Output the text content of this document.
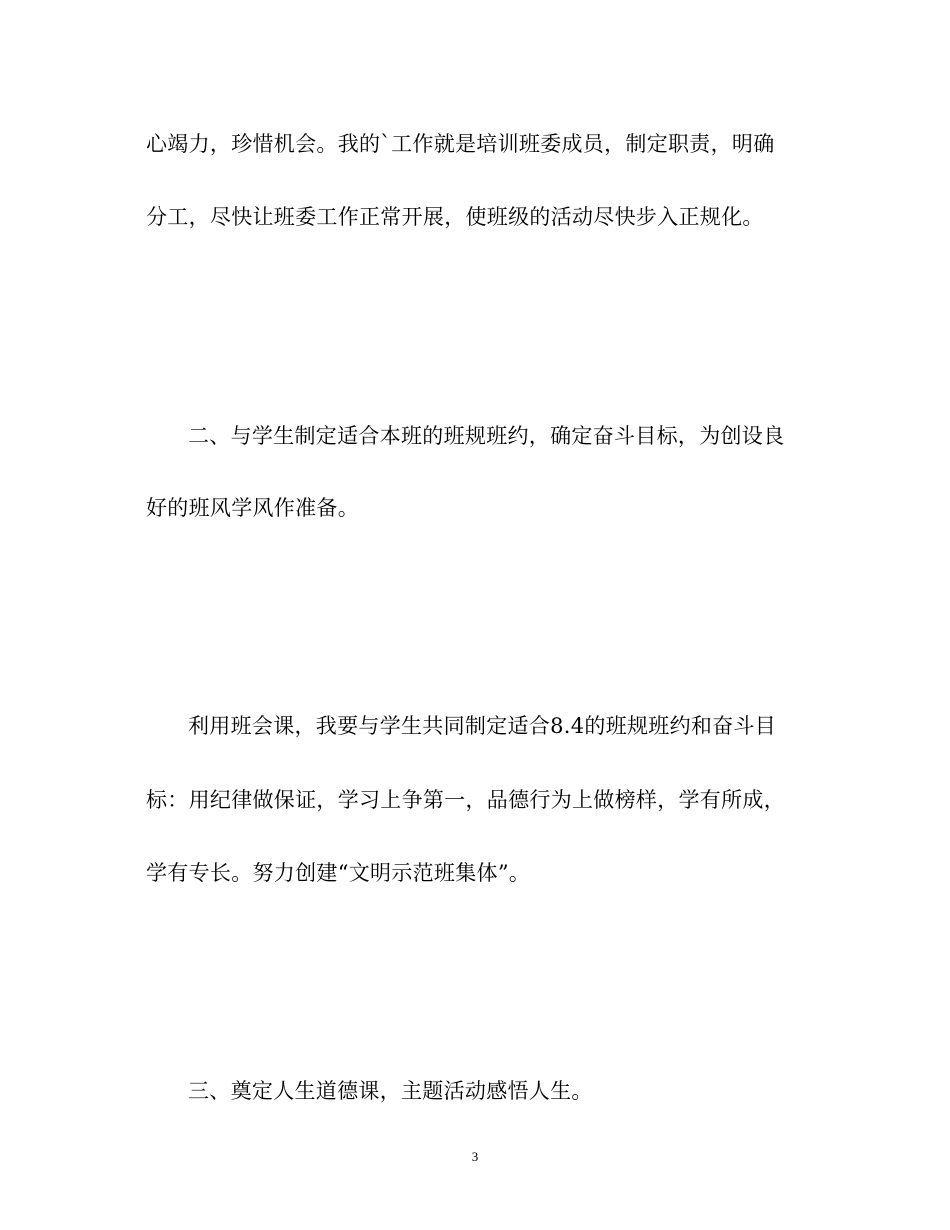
心竭力，珍惜机会。我的`工作就是培训班委成员，制定职责，明确
分工，尽快让班委工作正常开展，使班级的活动尽快步入正规化。
二、与学生制定适合本班的班规班约，确定奋斗目标，为创设良
好的班风学风作准备。
利用班会课，我要与学生共同制定适合8.4的班规班约和奋斗目
标：用纪律做保证，学习上争第一，品德行为上做榜样，学有所成，
学有专长。努力创建“文明示范班集体”。
三、奠定人生道德课，主题活动感悟人生。
3
